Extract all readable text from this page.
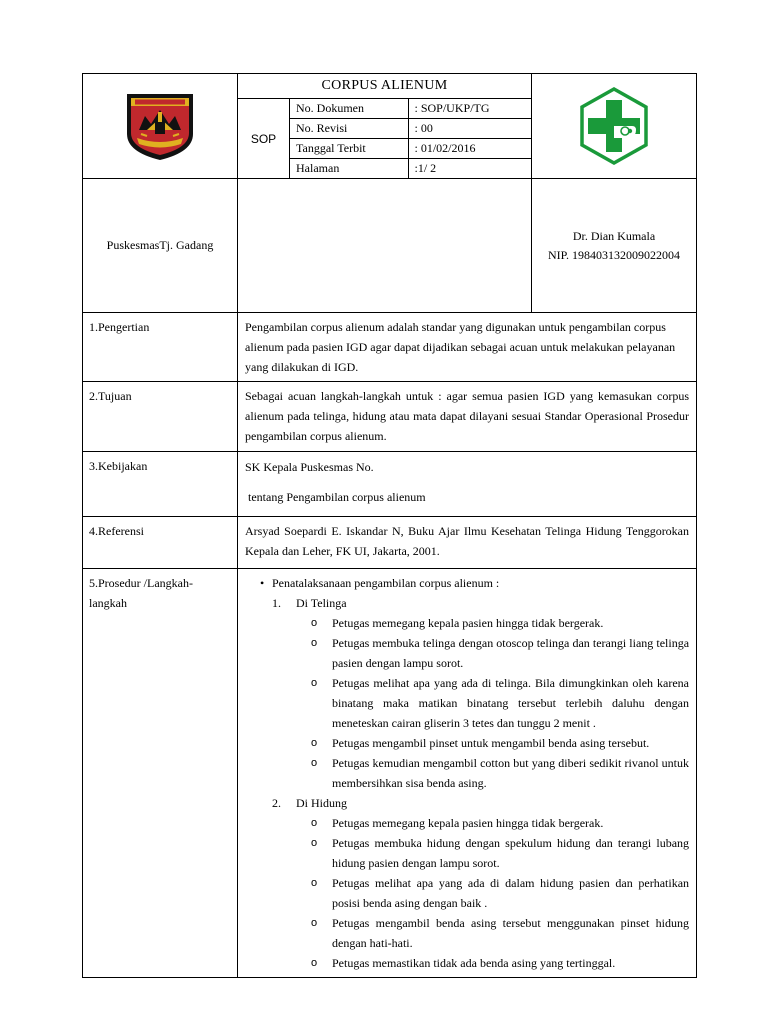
	CORPUS ALIENUM	

SOP	
No. Dokumen	: SOP/UKP/TG
No. Revisi	: 00
Tanggal Terbit	: 01/02/2016
Halaman	:1/ 2

PuskesmasTj. Gadang		
Dr. Dian Kumala
NIP. 198403132009022004

1.Pengertian	Pengambilan corpus alienum adalah standar yang digunakan untuk pengambilan corpus alienum pada pasien IGD agar dapat dijadikan sebagai acuan untuk melakukan pelayanan yang dilakukan di IGD.

2.Tujuan	Sebagai acuan langkah-langkah untuk : agar semua pasien IGD yang kemasukan corpus alienum pada telinga, hidung atau mata dapat dilayani sesuai Standar Operasional Prosedur pengambilan corpus alienum.

3.Kebijakan	SK Kepala Puskesmas No.
tentang Pengambilan corpus alienum

4.Referensi	Arsyad Soepardi E. Iskandar N, Buku Ajar Ilmu Kesehatan Telinga Hidung Tenggorokan Kepala dan Leher, FK UI, Jakarta, 2001.

5.Prosedur /Langkah-langkah

• Penatalaksanaan pengambilan corpus alienum :
1. Di Telinga
o Petugas memegang kepala pasien hingga tidak bergerak.
o Petugas membuka telinga dengan otoscop telinga dan terangi liang telinga pasien dengan lampu sorot.
o Petugas melihat apa yang ada di telinga. Bila dimungkinkan oleh karena binatang maka matikan binatang tersebut terlebih daluhu dengan meneteskan cairan gliserin 3 tetes dan tunggu 2 menit .
o Petugas mengambil pinset untuk mengambil benda asing tersebut.
o Petugas kemudian mengambil cotton but yang diberi sedikit rivanol untuk membersihkan sisa benda asing.
2. Di Hidung
o Petugas memegang kepala pasien hingga tidak bergerak.
o Petugas membuka hidung dengan spekulum hidung dan terangi lubang hidung pasien dengan lampu sorot.
o Petugas melihat apa yang ada di dalam hidung pasien dan perhatikan posisi benda asing dengan baik .
o Petugas mengambil benda asing tersebut menggunakan pinset hidung dengan hati-hati.
o Petugas memastikan tidak ada benda asing yang tertinggal.
